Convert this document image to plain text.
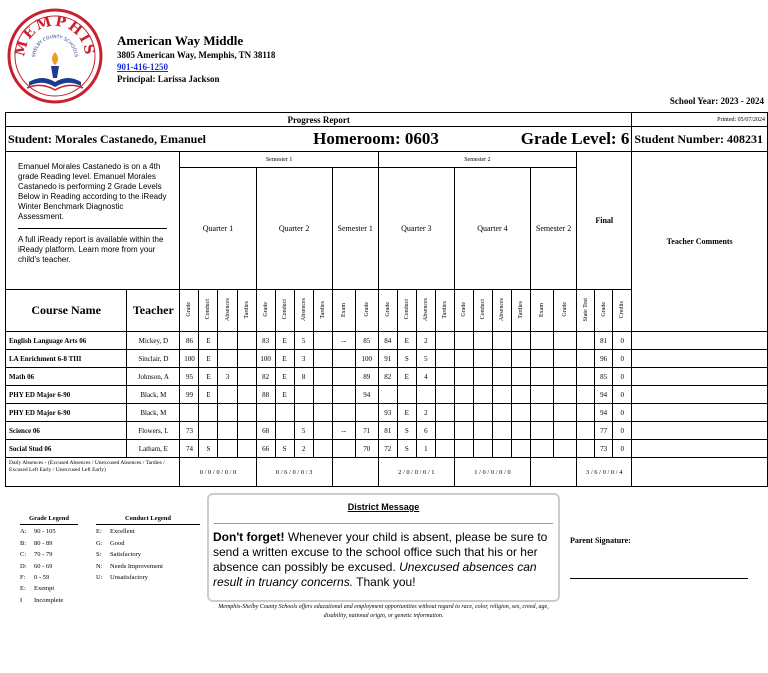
MEMPHIS
SHELBY COUNTY SCHOOLS
American Way Middle
3805 American Way, Memphis, TN 38118
901-416-1250
Principal: Larissa Jackson
School Year: 2023 - 2024
Progress Report																									Printed: 05/07/2024
Student: Morales Castanedo, Emanuel									Homeroom: 0603							Grade Level: 6									Student Number: 408231

Emanuel Morales Castanedo is on a 4th grade Reading level. Emanuel Morales Castanedo is performing 2 Grade Levels Below in Reading according to the iReady Winter Benchmark Diagnostic Assessment.
A full iReady report is available within the iReady platform. Learn more from your child's teacher.		Semester 1										Semester 2										Final			Teacher Comments
		Quarter 1				Quarter 2				Semester 1		Quarter 3				Quarter 4				Semester 2					
Course Name	Teacher	Grade	Conduct	Absences	Tardies	Grade	Conduct	Absences	Tardies	Exam	Grade	Grade	Conduct	Absences	Tardies	Grade	Conduct	Absences	Tardies	Exam	Grade	State Test	Grade	Credits	
English Language Arts 06	Mickey, D	86	E			83	E	5		--	85	84	E	2									81	0	
LA Enrichment 6-8 TIII	Sinclair, D	100	E			100	E	3			100	91	S	5									96	0	
Math 06	Johnson, A	95	E	3		82	E	8			89	82	E	4									85	0	
PHY ED Major 6-90	Black, M	99	E			88	E				94												94	0	
PHY ED Major 6-90	Black, M											93	E	2									94	0	
Science 06	Flowers, L	73				68		5		--	71	81	S	6									77	0	
Social Stud 06	Latham, E	74	S			66	S	2			70	72	S	1									73	0	
Daily Absences - (Excused Absences / Unexcused Absences / Tardies / Excused Left Early / Unexcused Left Early)		0 / 0 / 0 / 0 / 0				0 / 6 / 0 / 0 / 3						2 / 0 / 0 / 0 / 1				1 / 0 / 0 / 0 / 0						3 / 6 / 0 / 0 / 4			
Grade Legend
A: 90 - 105
B: 80 - 89
C: 70 - 79
D: 60 - 69
F: 0 - 59
E: Exempt
I Incomplete
Conduct Legend
E: Excellent
G: Good
S: Satisfactory
N: Needs Improvement
U: Unsatisfactory
District Message
Don't forget! Whenever your child is absent, please be sure to send a written excuse to the school office such that his or her absence can possibly be excused. Unexcused absences can result in truancy concerns. Thank you!
Memphis-Shelby County Schools offers educational and employment opportunities without regard to race, color, religion, sex, creed, age, disability, national origin, or genetic information.
Parent Signature:
